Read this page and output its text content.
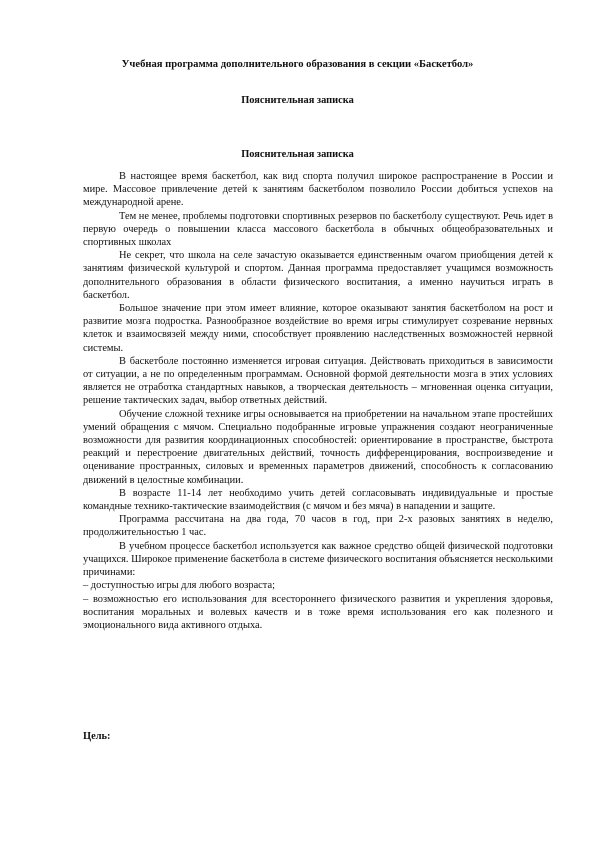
Учебная программа дополнительного образования в секции «Баскетбол»
Пояснительная записка
Пояснительная записка

В настоящее время баскетбол, как вид спорта получил широкое распространение в России и мире. Массовое привлечение детей к занятиям баскетболом позволило России добиться успехов на международной арене.

Тем не менее, проблемы подготовки спортивных резервов по баскетболу существуют. Речь идет в первую очередь о повышении класса массового баскетбола в обычных общеобразовательных и спортивных школах

Не секрет, что школа на селе зачастую оказывается единственным очагом приобщения детей к занятиям физической культурой и спортом. Данная программа предоставляет учащимся возможность дополнительного образования в области физического воспитания, а именно научиться играть в баскетбол.

Большое значение при этом имеет влияние, которое оказывают занятия баскетболом на рост и развитие мозга подростка. Разнообразное воздействие во время игры стимулирует созревание нервных клеток и взаимосвязей между ними, способствует проявлению наследственных возможностей нервной системы.

В баскетболе постоянно изменяется игровая ситуация. Действовать приходиться в зависимости от ситуации, а не по определенным программам. Основной формой деятельности мозга в этих условиях является не отработка стандартных навыков, а творческая деятельность – мгновенная оценка ситуации, решение тактических задач, выбор ответных действий.

Обучение сложной технике игры основывается на приобретении на начальном этапе простейших умений обращения с мячом. Специально подобранные игровые упражнения создают неограниченные возможности для развития координационных способностей: ориентирование в пространстве, быстрота реакций и перестроение двигательных действий, точность дифференцирования, воспроизведение и оценивание пространных, силовых и временных параметров движений, способность к согласованию движений в целостные комбинации.

В возрасте 11-14 лет необходимо учить детей согласовывать индивидуальные и простые командные технико-тактические взаимодействия (с мячом и без мяча) в нападении и защите.

Программа рассчитана на два года, 70 часов в год, при 2-х разовых занятиях в неделю, продолжительностью 1 час.

В учебном процессе баскетбол используется как важное средство общей физической подготовки учащихся. Широкое применение баскетбола в системе физического воспитания объясняется несколькими причинами:

– доступностью игры для любого возраста;

– возможностью его использования для всестороннего физического развития и укрепления здоровья, воспитания моральных и волевых качеств и в тоже время использования его как полезного и эмоционального вида активного отдыха.

Цель:
